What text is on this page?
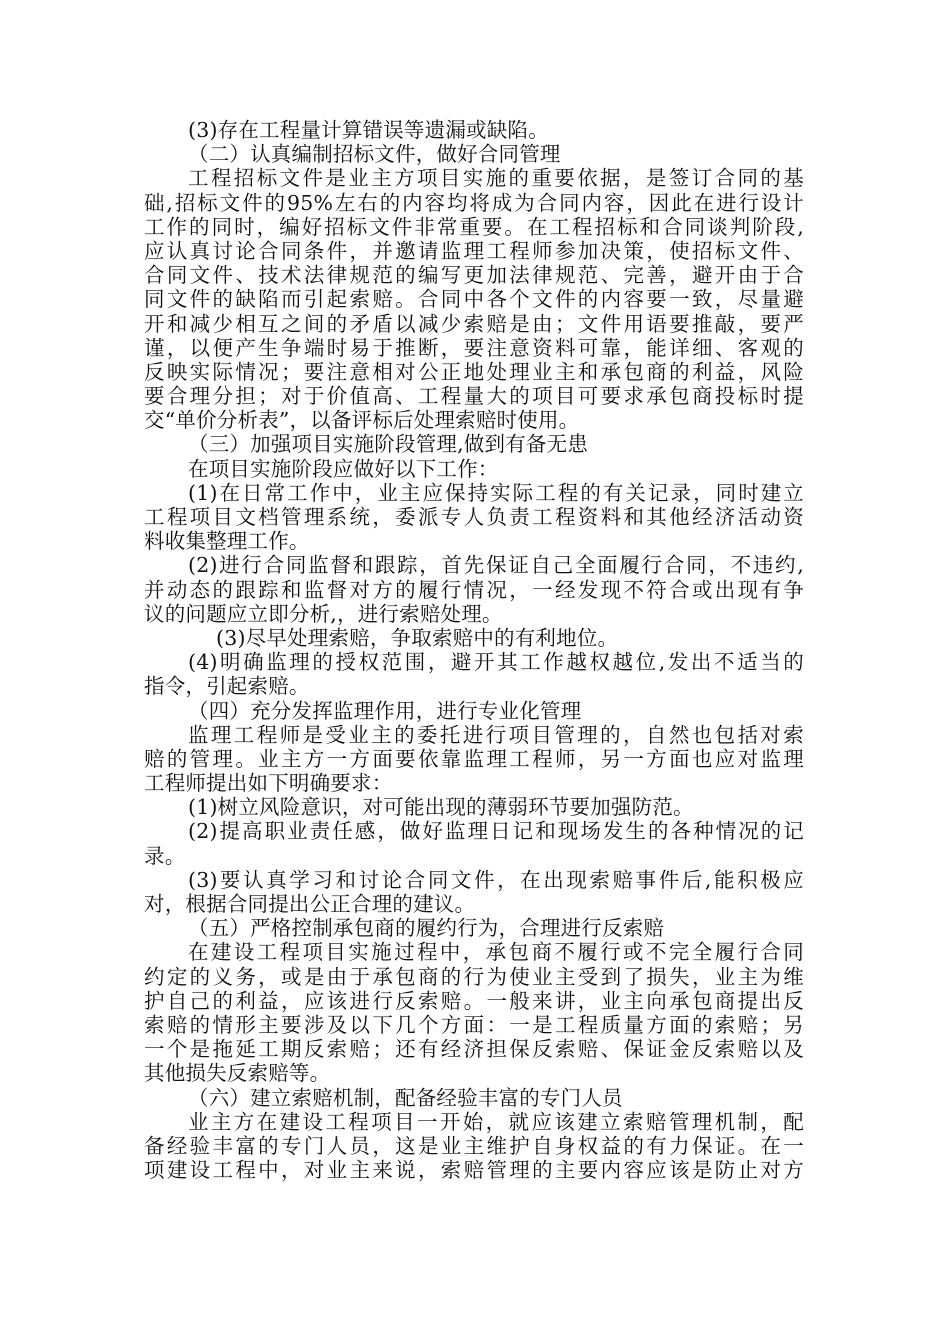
(3)存在工程量计算错误等遗漏或缺陷。
（二）认真编制招标文件，做好合同管理
工程招标文件是业主方项目实施的重要依据，是签订合同的基
础,招标文件的95%左右的内容均将成为合同内容，因此在进行设计
工作的同时，编好招标文件非常重要。在工程招标和合同谈判阶段,
应认真讨论合同条件，并邀请监理工程师参加决策，使招标文件、
合同文件、技术法律规范的编写更加法律规范、完善，避开由于合
同文件的缺陷而引起索赔。合同中各个文件的内容要一致，尽量避
开和减少相互之间的矛盾以减少索赔是由；文件用语要推敲，要严
谨，以便产生争端时易于推断，要注意资料可靠，能详细、客观的
反映实际情况；要注意相对公正地处理业主和承包商的利益，风险
要合理分担；对于价值高、工程量大的项目可要求承包商投标时提
交“单价分析表”，以备评标后处理索赔时使用。
（三）加强项目实施阶段管理,做到有备无患
在项目实施阶段应做好以下工作：
(1)在日常工作中，业主应保持实际工程的有关记录，同时建立
工程项目文档管理系统，委派专人负责工程资料和其他经济活动资
料收集整理工作。
(2)进行合同监督和跟踪，首先保证自己全面履行合同，不违约,
并动态的跟踪和监督对方的履行情况，一经发现不符合或出现有争
议的问题应立即分析,，进行索赔处理。
(3)尽早处理索赔，争取索赔中的有利地位。
(4)明确监理的授权范围，避开其工作越权越位,发出不适当的
指令，引起索赔。
（四）充分发挥监理作用，进行专业化管理
监理工程师是受业主的委托进行项目管理的，自然也包括对索
赔的管理。业主方一方面要依靠监理工程师，另一方面也应对监理
工程师提出如下明确要求：
(1)树立风险意识，对可能出现的薄弱环节要加强防范。
(2)提高职业责任感，做好监理日记和现场发生的各种情况的记
录。
(3)要认真学习和讨论合同文件，在出现索赔事件后,能积极应
对，根据合同提出公正合理的建议。
（五）严格控制承包商的履约行为，合理进行反索赔
在建设工程项目实施过程中，承包商不履行或不完全履行合同
约定的义务，或是由于承包商的行为使业主受到了损失，业主为维
护自己的利益，应该进行反索赔。一般来讲，业主向承包商提出反
索赔的情形主要涉及以下几个方面：一是工程质量方面的索赔；另
一个是拖延工期反索赔；还有经济担保反索赔、保证金反索赔以及
其他损失反索赔等。
（六）建立索赔机制，配备经验丰富的专门人员
业主方在建设工程项目一开始，就应该建立索赔管理机制，配
备经验丰富的专门人员，这是业主维护自身权益的有力保证。在一
项建设工程中，对业主来说，索赔管理的主要内容应该是防止对方
